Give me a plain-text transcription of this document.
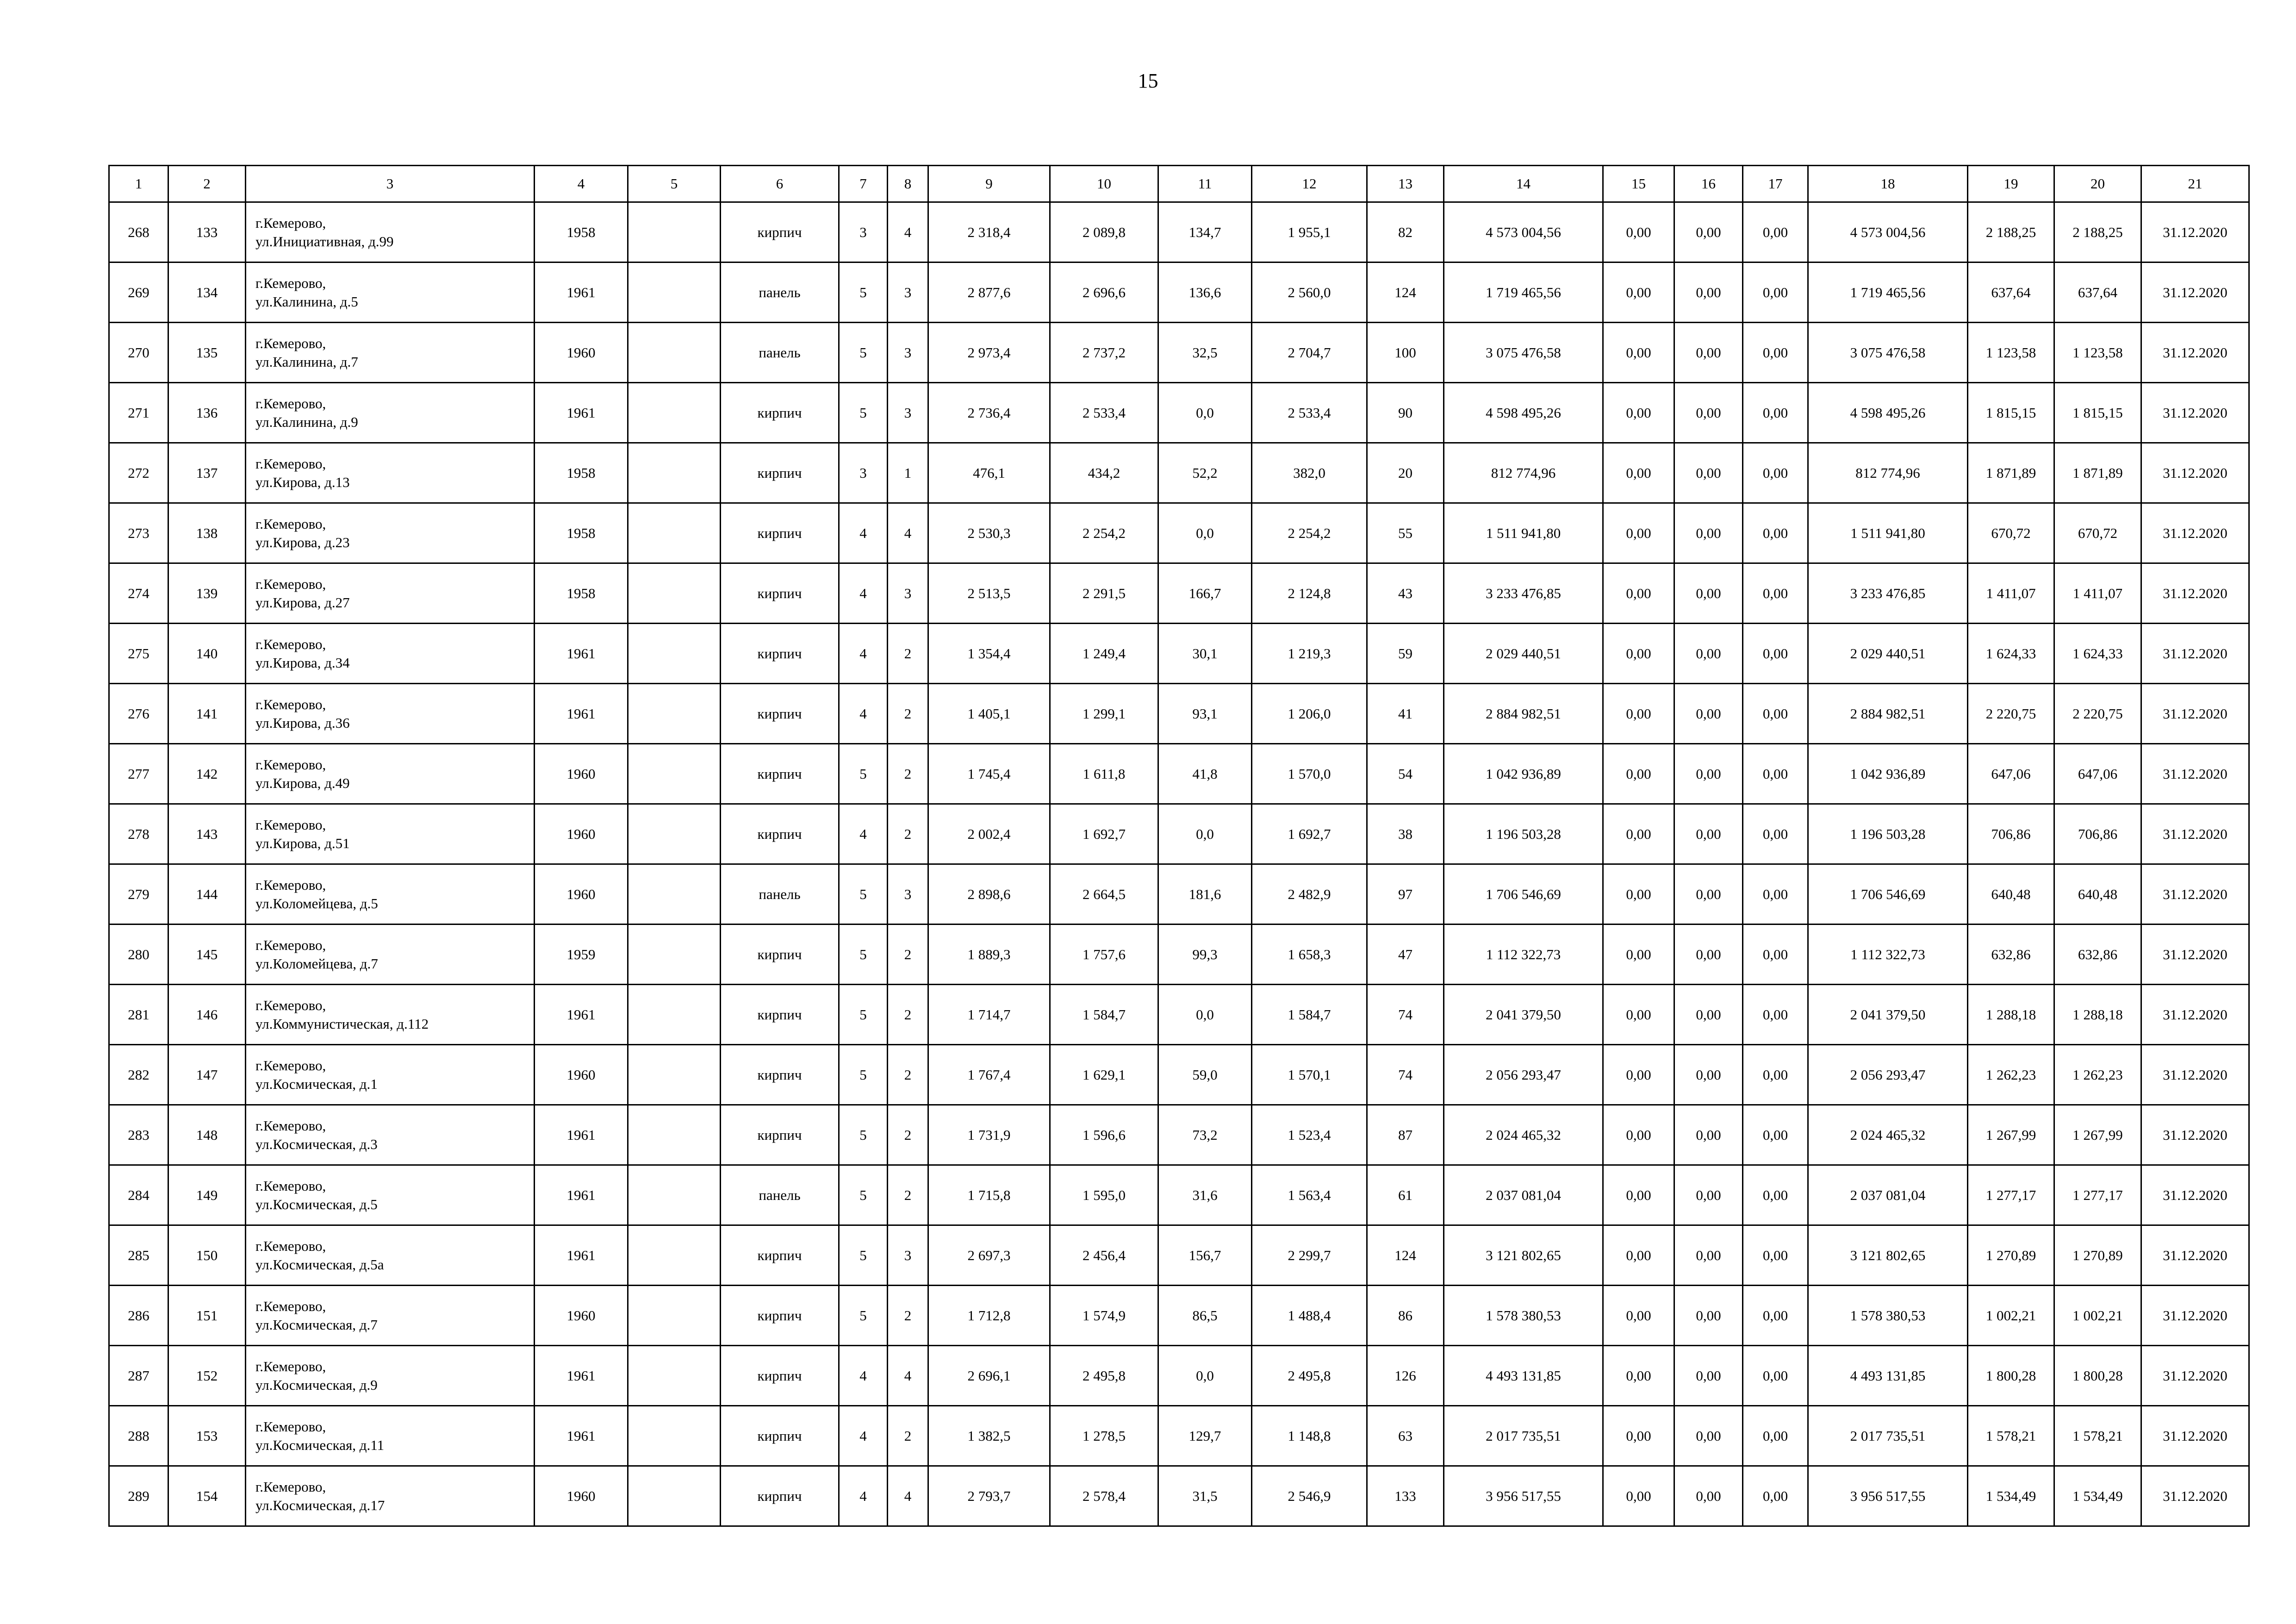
15
1	2	3	4	5	6	7	8	9	10	11	12	13	14	15	16	17	18	19	20	21
268	133	г.Кемерово,
ул.Инициативная, д.99	1958		кирпич	3	4	2 318,4	2 089,8	134,7	1 955,1	82	4 573 004,56	0,00	0,00	0,00	4 573 004,56	2 188,25	2 188,25	31.12.2020
269	134	г.Кемерово,
ул.Калинина, д.5	1961		панель	5	3	2 877,6	2 696,6	136,6	2 560,0	124	1 719 465,56	0,00	0,00	0,00	1 719 465,56	637,64	637,64	31.12.2020
270	135	г.Кемерово,
ул.Калинина, д.7	1960		панель	5	3	2 973,4	2 737,2	32,5	2 704,7	100	3 075 476,58	0,00	0,00	0,00	3 075 476,58	1 123,58	1 123,58	31.12.2020
271	136	г.Кемерово,
ул.Калинина, д.9	1961		кирпич	5	3	2 736,4	2 533,4	0,0	2 533,4	90	4 598 495,26	0,00	0,00	0,00	4 598 495,26	1 815,15	1 815,15	31.12.2020
272	137	г.Кемерово,
ул.Кирова, д.13	1958		кирпич	3	1	476,1	434,2	52,2	382,0	20	812 774,96	0,00	0,00	0,00	812 774,96	1 871,89	1 871,89	31.12.2020
273	138	г.Кемерово,
ул.Кирова, д.23	1958		кирпич	4	4	2 530,3	2 254,2	0,0	2 254,2	55	1 511 941,80	0,00	0,00	0,00	1 511 941,80	670,72	670,72	31.12.2020
274	139	г.Кемерово,
ул.Кирова, д.27	1958		кирпич	4	3	2 513,5	2 291,5	166,7	2 124,8	43	3 233 476,85	0,00	0,00	0,00	3 233 476,85	1 411,07	1 411,07	31.12.2020
275	140	г.Кемерово,
ул.Кирова, д.34	1961		кирпич	4	2	1 354,4	1 249,4	30,1	1 219,3	59	2 029 440,51	0,00	0,00	0,00	2 029 440,51	1 624,33	1 624,33	31.12.2020
276	141	г.Кемерово,
ул.Кирова, д.36	1961		кирпич	4	2	1 405,1	1 299,1	93,1	1 206,0	41	2 884 982,51	0,00	0,00	0,00	2 884 982,51	2 220,75	2 220,75	31.12.2020
277	142	г.Кемерово,
ул.Кирова, д.49	1960		кирпич	5	2	1 745,4	1 611,8	41,8	1 570,0	54	1 042 936,89	0,00	0,00	0,00	1 042 936,89	647,06	647,06	31.12.2020
278	143	г.Кемерово,
ул.Кирова, д.51	1960		кирпич	4	2	2 002,4	1 692,7	0,0	1 692,7	38	1 196 503,28	0,00	0,00	0,00	1 196 503,28	706,86	706,86	31.12.2020
279	144	г.Кемерово,
ул.Коломейцева, д.5	1960		панель	5	3	2 898,6	2 664,5	181,6	2 482,9	97	1 706 546,69	0,00	0,00	0,00	1 706 546,69	640,48	640,48	31.12.2020
280	145	г.Кемерово,
ул.Коломейцева, д.7	1959		кирпич	5	2	1 889,3	1 757,6	99,3	1 658,3	47	1 112 322,73	0,00	0,00	0,00	1 112 322,73	632,86	632,86	31.12.2020
281	146	г.Кемерово,
ул.Коммунистическая, д.112	1961		кирпич	5	2	1 714,7	1 584,7	0,0	1 584,7	74	2 041 379,50	0,00	0,00	0,00	2 041 379,50	1 288,18	1 288,18	31.12.2020
282	147	г.Кемерово,
ул.Космическая, д.1	1960		кирпич	5	2	1 767,4	1 629,1	59,0	1 570,1	74	2 056 293,47	0,00	0,00	0,00	2 056 293,47	1 262,23	1 262,23	31.12.2020
283	148	г.Кемерово,
ул.Космическая, д.3	1961		кирпич	5	2	1 731,9	1 596,6	73,2	1 523,4	87	2 024 465,32	0,00	0,00	0,00	2 024 465,32	1 267,99	1 267,99	31.12.2020
284	149	г.Кемерово,
ул.Космическая, д.5	1961		панель	5	2	1 715,8	1 595,0	31,6	1 563,4	61	2 037 081,04	0,00	0,00	0,00	2 037 081,04	1 277,17	1 277,17	31.12.2020
285	150	г.Кемерово,
ул.Космическая, д.5а	1961		кирпич	5	3	2 697,3	2 456,4	156,7	2 299,7	124	3 121 802,65	0,00	0,00	0,00	3 121 802,65	1 270,89	1 270,89	31.12.2020
286	151	г.Кемерово,
ул.Космическая, д.7	1960		кирпич	5	2	1 712,8	1 574,9	86,5	1 488,4	86	1 578 380,53	0,00	0,00	0,00	1 578 380,53	1 002,21	1 002,21	31.12.2020
287	152	г.Кемерово,
ул.Космическая, д.9	1961		кирпич	4	4	2 696,1	2 495,8	0,0	2 495,8	126	4 493 131,85	0,00	0,00	0,00	4 493 131,85	1 800,28	1 800,28	31.12.2020
288	153	г.Кемерово,
ул.Космическая, д.11	1961		кирпич	4	2	1 382,5	1 278,5	129,7	1 148,8	63	2 017 735,51	0,00	0,00	0,00	2 017 735,51	1 578,21	1 578,21	31.12.2020
289	154	г.Кемерово,
ул.Космическая, д.17	1960		кирпич	4	4	2 793,7	2 578,4	31,5	2 546,9	133	3 956 517,55	0,00	0,00	0,00	3 956 517,55	1 534,49	1 534,49	31.12.2020
